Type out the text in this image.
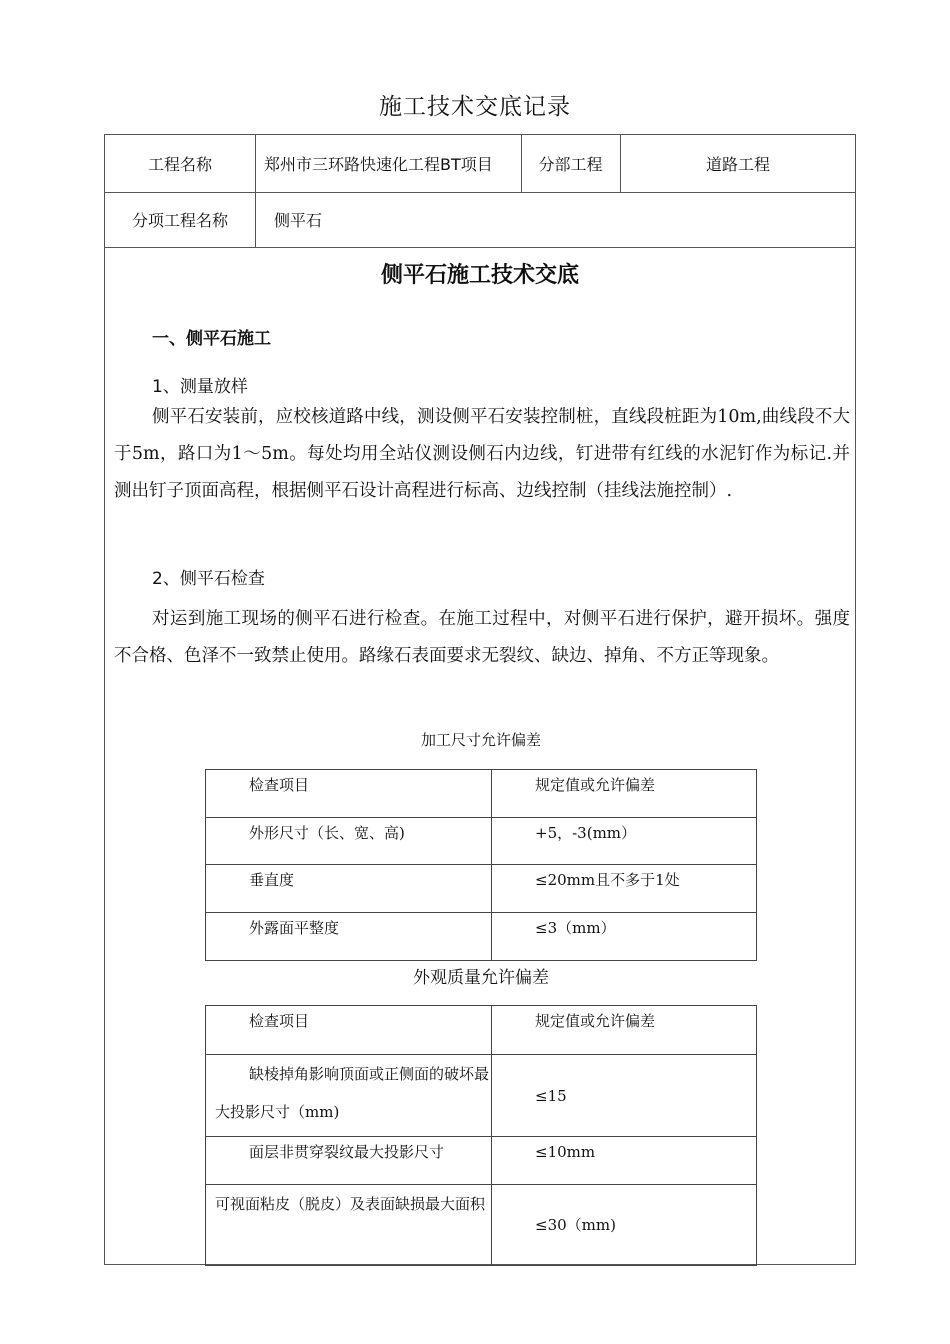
施工技术交底记录
工程名称	郑州市三环路快速化工程BT项目	分部工程	道路工程
分项工程名称	侧平石
侧平石施工技术交底
一、侧平石施工
1、测量放样
侧平石安装前，应校核道路中线，测设侧平石安装控制桩，直线段桩距为10m,曲线段不大于5m，路口为1～5m。每处均用全站仪测设侧石内边线，钉进带有红线的水泥钉作为标记.并测出钉子顶面高程，根据侧平石设计高程进行标高、边线控制（挂线法施控制）.
2、侧平石检查
对运到施工现场的侧平石进行检查。在施工过程中，对侧平石进行保护，避开损坏。强度不合格、色泽不一致禁止使用。路缘石表面要求无裂纹、缺边、掉角、不方正等现象。
加工尺寸允许偏差
检查项目	规定值或允许偏差

外形尺寸（长、宽、高)	+5，-3(mm）

垂直度	≤20mm且不多于1处

外露面平整度	≤3（mm）
外观质量允许偏差
检查项目	规定值或允许偏差

缺棱掉角影响顶面或正侧面的破坏最大投影尺寸（mm)	≤15

面层非贯穿裂纹最大投影尺寸	≤10mm

可视面粘皮（脱皮）及表面缺损最大面积	≤30（mm)
